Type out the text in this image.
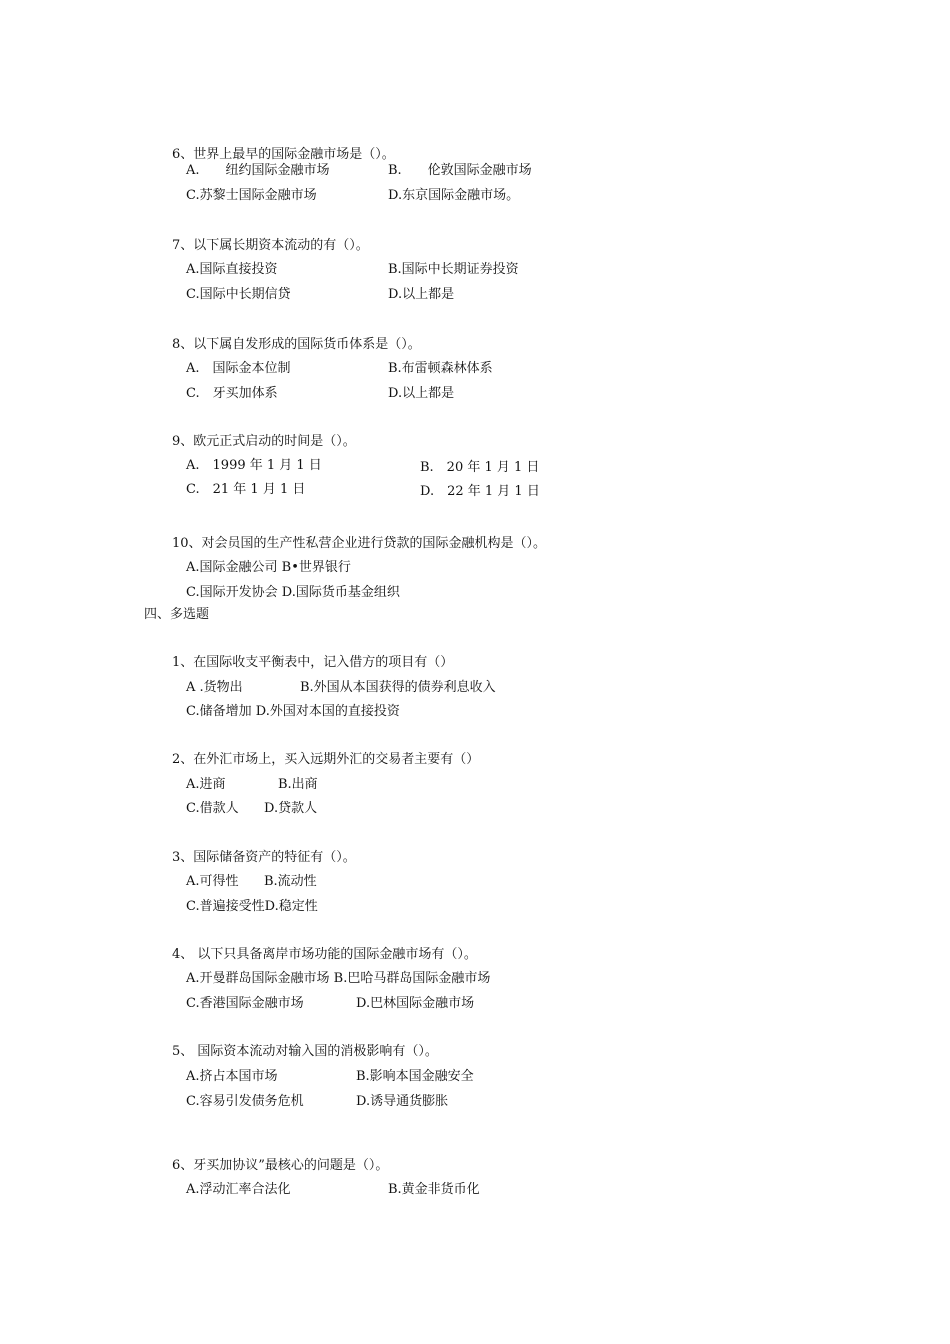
6、世界上最早的国际金融市场是（）。
A.　　纽约国际金融市场	B.　　伦敦国际金融市场
C.苏黎士国际金融市场	D.东京国际金融市场。
7、以下属长期资本流动的有（）。
A.国际直接投资	B.国际中长期证券投资
C.国际中长期信贷	D.以上都是
8、以下属自发形成的国际货币体系是（）。
A.　国际金本位制	B.布雷顿森林体系
C.　牙买加体系	D.以上都是
9、欧元正式启动的时间是（）。
A.　1999 年 1 月 1 日	B.　20 年 1 月 1 日
C.　21 年 1 月 1 日	D.　22 年 1 月 1 日
10、对会员国的生产性私营企业进行贷款的国际金融机构是（）。
A.国际金融公司 B•世界银行
C.国际开发协会 D.国际货币基金组织
四、多选题
1、在国际收支平衡表中，记入借方的项目有（）
A .货物出	B.外国从本国获得的债券利息收入
C.储备增加 D.外国对本国的直接投资
2、在外汇市场上，买入远期外汇的交易者主要有（）
A.进商	B.出商
C.借款人 D.贷款人
3、国际储备资产的特征有（）。
A.可得性 B.流动性
C.普遍接受性D.稳定性
4、 以下只具备离岸市场功能的国际金融市场有（）。
A.开曼群岛国际金融市场 B.巴哈马群岛国际金融市场
C.香港国际金融市场	D.巴林国际金融市场
5、 国际资本流动对输入国的消极影响有（）。
A.挤占本国市场	B.影响本国金融安全
C.容易引发债务危机	D.诱导通货膨胀
6、牙买加协议”最核心的问题是（）。
A.浮动汇率合法化	B.黄金非货币化
